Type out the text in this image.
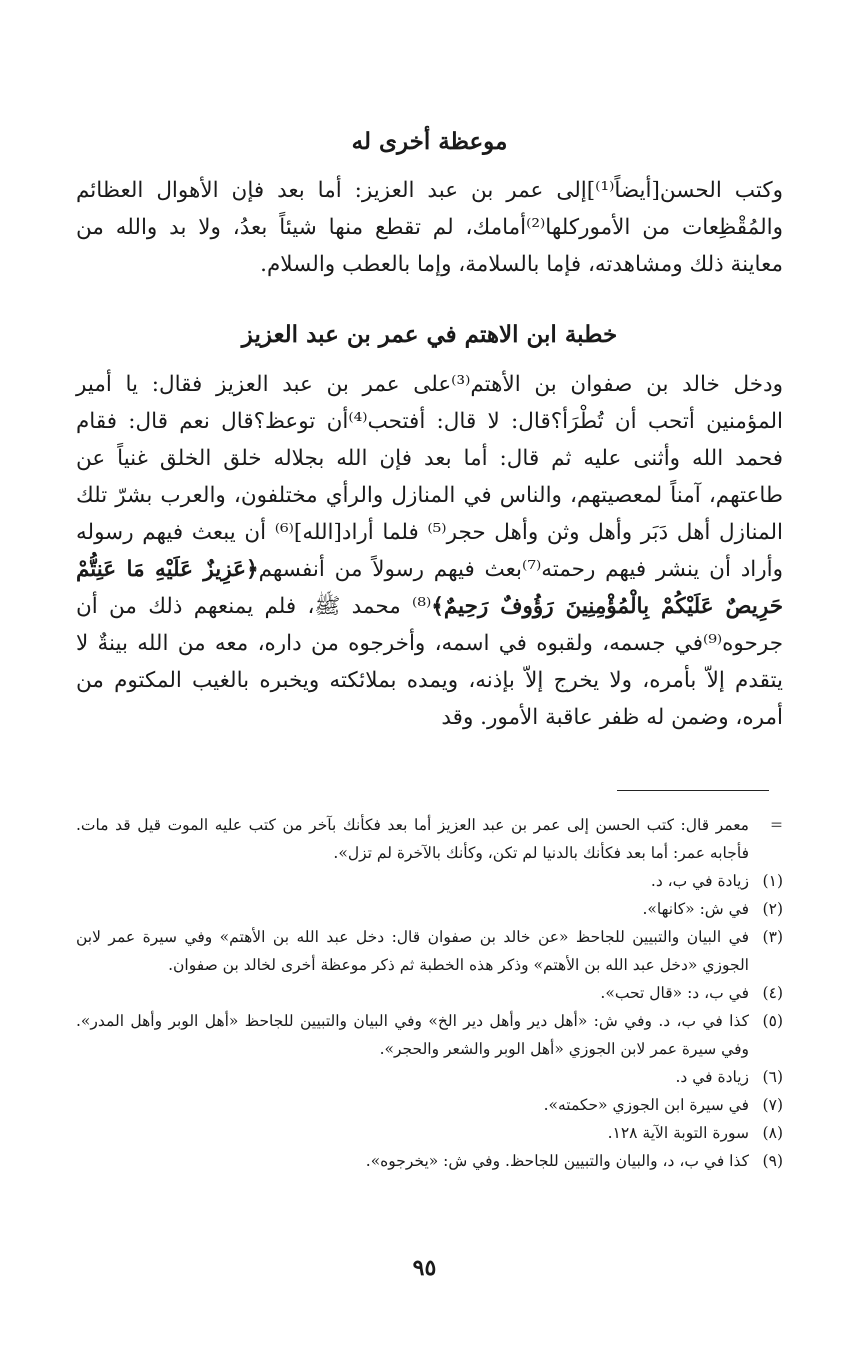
موعظة أخرى له

وكتب الحسن[أيضاً⁽¹⁾]إلى عمر بن عبد العزيز: أما بعد فإن الأهوال العظائم والمُقْظِعات من الأموركلها⁽²⁾أمامك، لم تقطع منها شيئاً بعدُ، ولا بد والله من معاينة ذلك ومشاهدته، فإما بالسلامة، وإما بالعطب والسلام.

خطبة ابن الاهتم في عمر بن عبد العزيز

ودخل خالد بن صفوان بن الأهتم⁽³⁾على عمر بن عبد العزيز فقال: يا أمير المؤمنين أتحب أن تُطْرَأ؟قال: لا قال: أفتحب⁽⁴⁾أن توعظ؟قال نعم قال: فقام فحمد الله وأثنى عليه ثم قال: أما بعد فإن الله بجلاله خلق الخلق غنياً عن طاعتهم، آمناً لمعصيتهم، والناس في المنازل والرأي مختلفون، والعرب بشرّ تلك المنازل أهل دَبَر وأهل وثن وأهل حجر⁽⁵⁾ فلما أراد[الله]⁽⁶⁾ أن يبعث فيهم رسوله وأراد أن ينشر فيهم رحمته⁽⁷⁾بعث فيهم رسولاً من أنفسهم﴿عَزِيزٌ عَلَيْهِ مَا عَنِتُّمْ حَرِيصٌ عَلَيْكُمْ بِالْمُؤْمِنِينَ رَؤُوفٌ رَحِيمٌ﴾⁽⁸⁾ محمد ﷺ، فلم يمنعهم ذلك من أن جرحوه⁽⁹⁾في جسمه، ولقبوه في اسمه، وأخرجوه من داره، معه من الله بينةٌ لا يتقدم إلاّ بأمره، ولا يخرج إلاّ بإذنه، ويمده بملائكته ويخبره بالغيب المكتوم من أمره، وضمن له ظفر عاقبة الأمور. وقد

=
معمر قال: كتب الحسن إلى عمر بن عبد العزيز أما بعد فكأنك بآخر من كتب عليه الموت قيل قد مات. فأجابه عمر: أما بعد فكأنك بالدنيا لم تكن، وكأنك بالآخرة لم تزل».
(١)
زيادة في ب، د.
(٢)
في ش: «كانها».
(٣)
في البيان والتبيين للجاحظ «عن خالد بن صفوان قال: دخل عبد الله بن الأهتم» وفي سيرة عمر لابن الجوزي «دخل عبد الله بن الأهتم» وذكر هذه الخطبة ثم ذكر موعظة أخرى لخالد بن صفوان.
(٤)
في ب، د: «قال تحب».
(٥)
كذا في ب، د. وفي ش: «أهل دير وأهل دير الخ» وفي البيان والتبيين للجاحظ «أهل الوبر وأهل المدر». وفي سيرة عمر لابن الجوزي «أهل الوبر والشعر والحجر».
(٦)
زيادة في د.
(٧)
في سيرة ابن الجوزي «حكمته».
(٨)
سورة التوبة الآية ١٢٨.
(٩)
كذا في ب، د، والبيان والتبيين للجاحظ. وفي ش: «يخرجوه».
٩٥
